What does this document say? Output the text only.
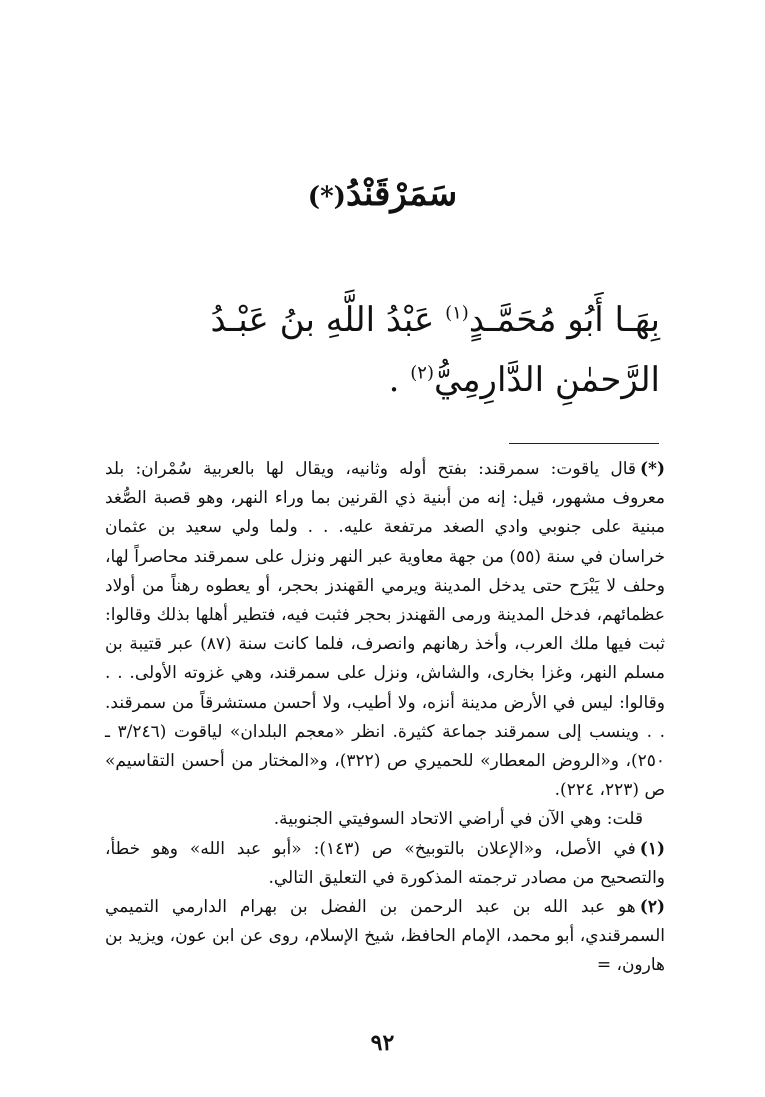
سَمَرْقَنْدُ(*)
بِهَـا أَبُو مُحَمَّـدٍ$^{(١)}$ عَبْدُ اللَّهِ بنُ عَبْـدُ الرَّحمٰنِ الدَّارِمِيُّ$^{(٢)}$ .

(*)قال ياقوت: سمرقند: بفتح أوله وثانيه، ويقال لها بالعربية سُمْران: بلد معروف مشهور، قيل: إنه من أبنية ذي القرنين بما وراء النهر، وهو قصبة الصُّغد مبنية على جنوبي وادي الصغد مرتفعة عليه. . . ولما ولي سعيد بن عثمان خراسان في سنة (٥٥) من جهة معاوية عبر النهر ونزل على سمرقند محاصراً لها، وحلف لا يَبْرَح حتى يدخل المدينة ويرمي القهندز بحجر، أو يعطوه رهناً من أولاد عظمائهم، فدخل المدينة ورمى القهندز بحجر فثبت فيه، فتطير أهلها بذلك وقالوا: ثبت فيها ملك العرب، وأخذ رهانهم وانصرف، فلما كانت سنة (٨٧) عبر قتيبة بن مسلم النهر، وغزا بخارى، والشاش، ونزل على سمرقند، وهي غزوته الأولى. . . وقالوا: ليس في الأرض مدينة أنزه، ولا أطيب، ولا أحسن مستشرقاً من سمرقند. . . وينسب إلى سمرقند جماعة كثيرة. انظر «معجم البلدان» لياقوت (٣/٢٤٦ ـ ٢٥٠)، و«الروض المعطار» للحميري ص (٣٢٢)، و«المختار من أحسن التقاسيم» ص (٢٢٣، ٢٢٤).

قلت: وهي الآن في أراضي الاتحاد السوفيتي الجنوبية.

(١)في الأصل، و«الإعلان بالتوبيخ» ص (١٤٣): «أبو عبد الله» وهو خطأ، والتصحيح من مصادر ترجمته المذكورة في التعليق التالي.

(٢)هو عبد الله بن عبد الرحمن بن الفضل بن بهرام الدارمي التميمي السمرقندي، أبو محمد، الإمام الحافظ، شيخ الإسلام، روى عن ابن عون، ويزيد بن هارون، =

٩٢
